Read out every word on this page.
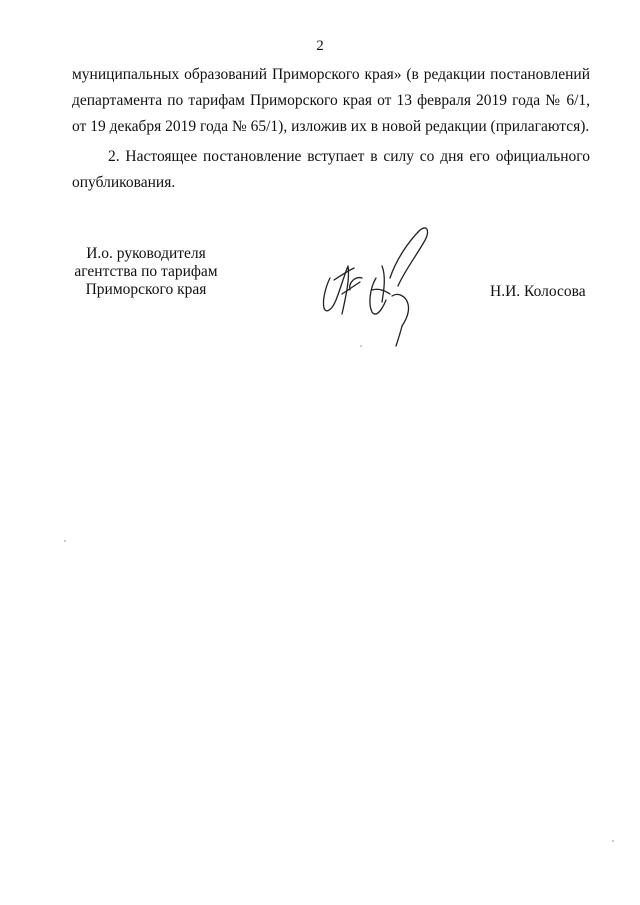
2
муниципальных образований Приморского края» (в редакции постановлений
департамента по тарифам Приморского края от 13 февраля 2019 года № 6/1,
от 19 декабря 2019 года № 65/1), изложив их в новой редакции (прилагаются).
2. Настоящее постановление вступает в силу со дня его официального
опубликования.
И.о. руководителя
агентства по тарифам
Приморского края	Н.И. Колосова
